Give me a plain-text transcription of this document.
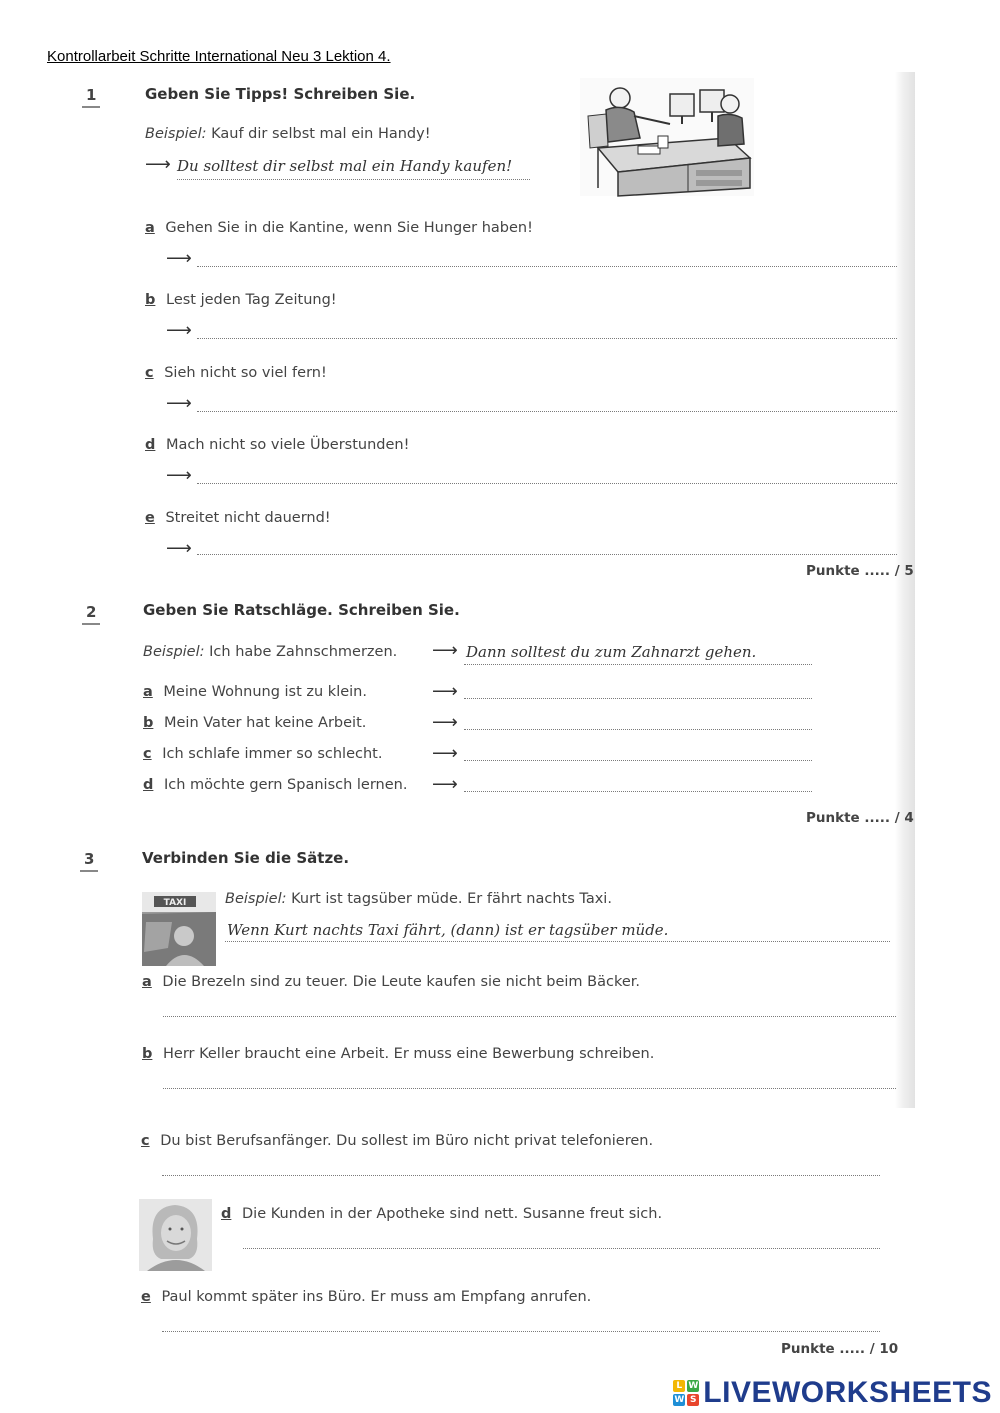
Kontrollarbeit Schritte International Neu 3 Lektion 4.
1	Geben Sie Tipps! Schreiben Sie.
Beispiel: Kauf dir selbst mal ein Handy!
⟶ Du solltest dir selbst mal ein Handy kaufen!
a Gehen Sie in die Kantine, wenn Sie Hunger haben!
⟶
b Lest jeden Tag Zeitung!
⟶
c Sieh nicht so viel fern!
⟶
d Mach nicht so viele Überstunden!
⟶
e Streitet nicht dauernd!
⟶
Punkte ..... / 5
2	Geben Sie Ratschläge. Schreiben Sie.
Beispiel: Ich habe Zahnschmerzen. ⟶ Dann solltest du zum Zahnarzt gehen.
a Meine Wohnung ist zu klein.	⟶
b Mein Vater hat keine Arbeit.	⟶
c Ich schlafe immer so schlecht.	⟶
d Ich möchte gern Spanisch lernen. ⟶
Punkte ..... / 4
3	Verbinden Sie die Sätze.
TAXI	Beispiel: Kurt ist tagsüber müde. Er fährt nachts Taxi.
Wenn Kurt nachts Taxi fährt, (dann) ist er tagsüber müde.
a Die Brezeln sind zu teuer. Die Leute kaufen sie nicht beim Bäcker.
b Herr Keller braucht eine Arbeit. Er muss eine Bewerbung schreiben.
c Du bist Berufsanfänger. Du sollest im Büro nicht privat telefonieren.
d Die Kunden in der Apotheke sind nett. Susanne freut sich.
e Paul kommt später ins Büro. Er muss am Empfang anrufen.
Punkte ..... / 10
L W
W S LIVEWORKSHEETS
